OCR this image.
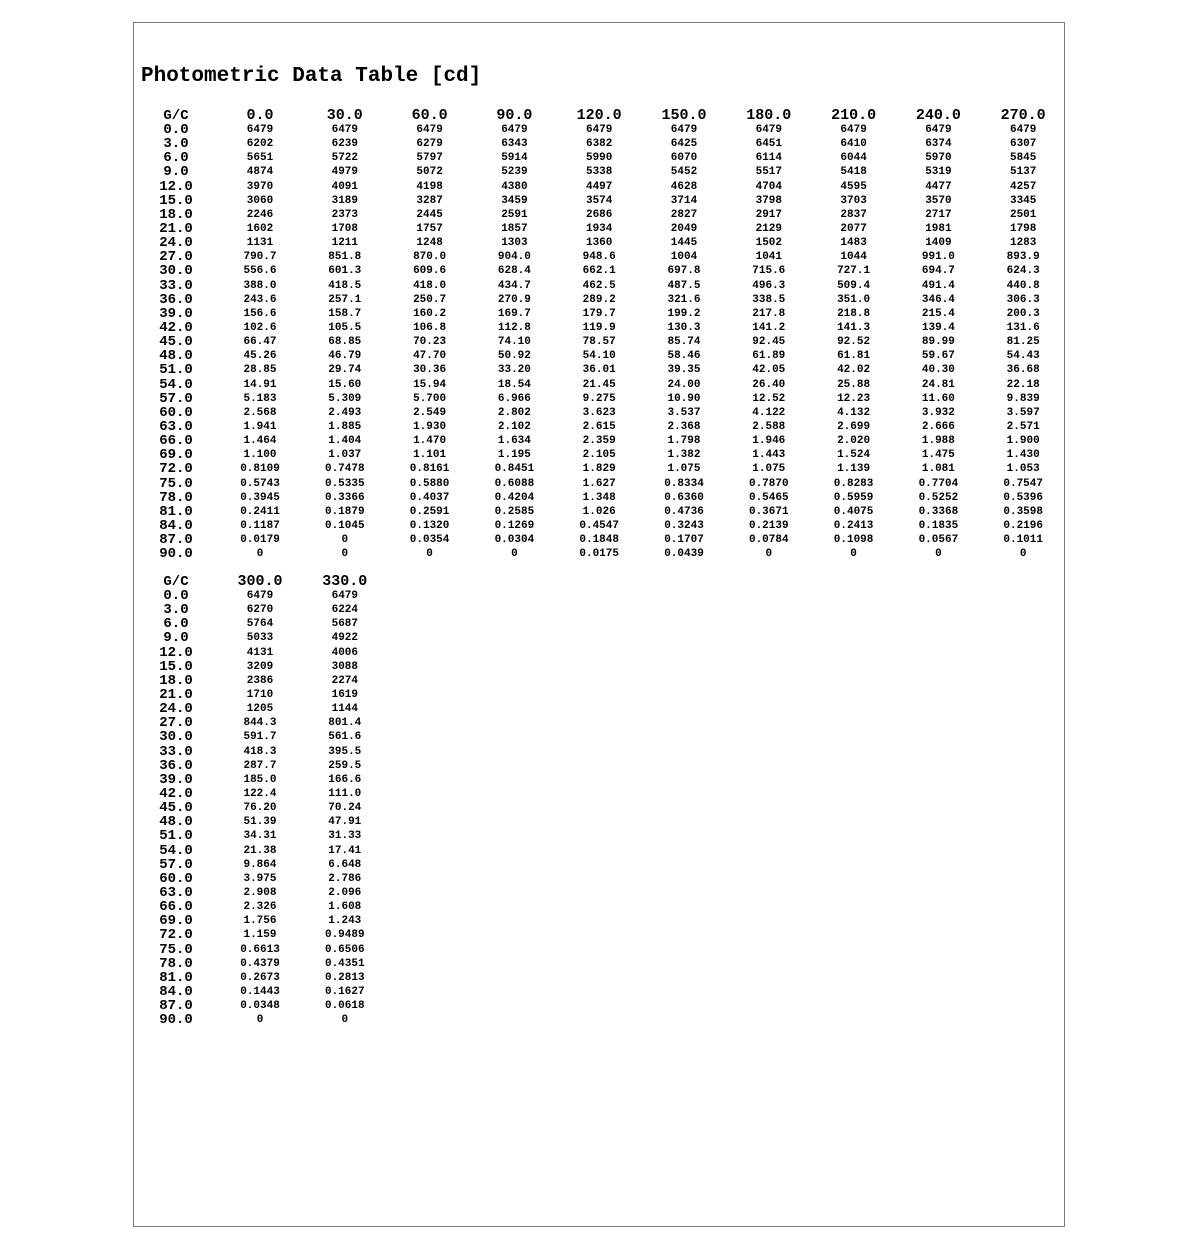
Photometric Data Table [cd]
G/C
0.0
3.0
6.0
9.0
12.0
15.0
18.0
21.0
24.0
27.0
30.0
33.0
36.0
39.0
42.0
45.0
48.0
51.0
54.0
57.0
60.0
63.0
66.0
69.0
72.0
75.0
78.0
81.0
84.0
87.0
90.0
0.0
6479
6202
5651
4874
3970
3060
2246
1602
1131
790.7
556.6
388.0
243.6
156.6
102.6
66.47
45.26
28.85
14.91
5.183
2.568
1.941
1.464
1.100
0.8109
0.5743
0.3945
0.2411
0.1187
0.0179
0
30.0
6479
6239
5722
4979
4091
3189
2373
1708
1211
851.8
601.3
418.5
257.1
158.7
105.5
68.85
46.79
29.74
15.60
5.309
2.493
1.885
1.404
1.037
0.7478
0.5335
0.3366
0.1879
0.1045
0
0
60.0
6479
6279
5797
5072
4198
3287
2445
1757
1248
870.0
609.6
418.0
250.7
160.2
106.8
70.23
47.70
30.36
15.94
5.700
2.549
1.930
1.470
1.101
0.8161
0.5880
0.4037
0.2591
0.1320
0.0354
0
90.0
6479
6343
5914
5239
4380
3459
2591
1857
1303
904.0
628.4
434.7
270.9
169.7
112.8
74.10
50.92
33.20
18.54
6.966
2.802
2.102
1.634
1.195
0.8451
0.6088
0.4204
0.2585
0.1269
0.0304
0
120.0
6479
6382
5990
5338
4497
3574
2686
1934
1360
948.6
662.1
462.5
289.2
179.7
119.9
78.57
54.10
36.01
21.45
9.275
3.623
2.615
2.359
2.105
1.829
1.627
1.348
1.026
0.4547
0.1848
0.0175
150.0
6479
6425
6070
5452
4628
3714
2827
2049
1445
1004
697.8
487.5
321.6
199.2
130.3
85.74
58.46
39.35
24.00
10.90
3.537
2.368
1.798
1.382
1.075
0.8334
0.6360
0.4736
0.3243
0.1707
0.0439
180.0
6479
6451
6114
5517
4704
3798
2917
2129
1502
1041
715.6
496.3
338.5
217.8
141.2
92.45
61.89
42.05
26.40
12.52
4.122
2.588
1.946
1.443
1.075
0.7870
0.5465
0.3671
0.2139
0.0784
0
210.0
6479
6410
6044
5418
4595
3703
2837
2077
1483
1044
727.1
509.4
351.0
218.8
141.3
92.52
61.81
42.02
25.88
12.23
4.132
2.699
2.020
1.524
1.139
0.8283
0.5959
0.4075
0.2413
0.1098
0
240.0
6479
6374
5970
5319
4477
3570
2717
1981
1409
991.0
694.7
491.4
346.4
215.4
139.4
89.99
59.67
40.30
24.81
11.60
3.932
2.666
1.988
1.475
1.081
0.7704
0.5252
0.3368
0.1835
0.0567
0
270.0
6479
6307
5845
5137
4257
3345
2501
1798
1283
893.9
624.3
440.8
306.3
200.3
131.6
81.25
54.43
36.68
22.18
9.839
3.597
2.571
1.900
1.430
1.053
0.7547
0.5396
0.3598
0.2196
0.1011
0
G/C
0.0
3.0
6.0
9.0
12.0
15.0
18.0
21.0
24.0
27.0
30.0
33.0
36.0
39.0
42.0
45.0
48.0
51.0
54.0
57.0
60.0
63.0
66.0
69.0
72.0
75.0
78.0
81.0
84.0
87.0
90.0
300.0
6479
6270
5764
5033
4131
3209
2386
1710
1205
844.3
591.7
418.3
287.7
185.0
122.4
76.20
51.39
34.31
21.38
9.864
3.975
2.908
2.326
1.756
1.159
0.6613
0.4379
0.2673
0.1443
0.0348
0
330.0
6479
6224
5687
4922
4006
3088
2274
1619
1144
801.4
561.6
395.5
259.5
166.6
111.0
70.24
47.91
31.33
17.41
6.648
2.786
2.096
1.608
1.243
0.9489
0.6506
0.4351
0.2813
0.1627
0.0618
0
